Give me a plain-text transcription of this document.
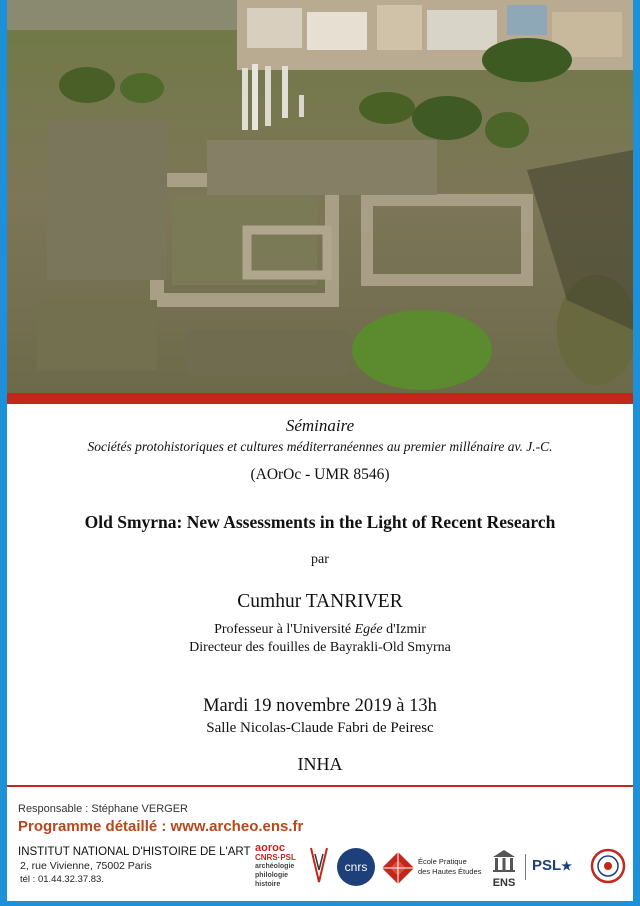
Séminaire
Sociétés protohistoriques et cultures méditerranéennes au premier millénaire av. J.-C.
(AOrOc - UMR 8546)
Old Smyrna: New Assessments in the Light of Recent Research
par
Cumhur TANRIVER
Professeur à l'Université Egée d'Izmir
Directeur des fouilles de Bayrakli-Old Smyrna
Mardi 19 novembre 2019 à 13h
Salle Nicolas-Claude Fabri de Peiresc
INHA
Responsable : Stéphane VERGER
Programme détaillé : www.archeo.ens.fr
INSTITUT NATIONAL D'HISTOIRE DE L'ART
2, rue Vivienne, 75002 Paris
tél : 01.44.32.37.83.
aoroc
CNRS·PSL
archéologie
philologie
histoire
cnrs	École Pratique
des Hautes Études
ENS
PSL★
